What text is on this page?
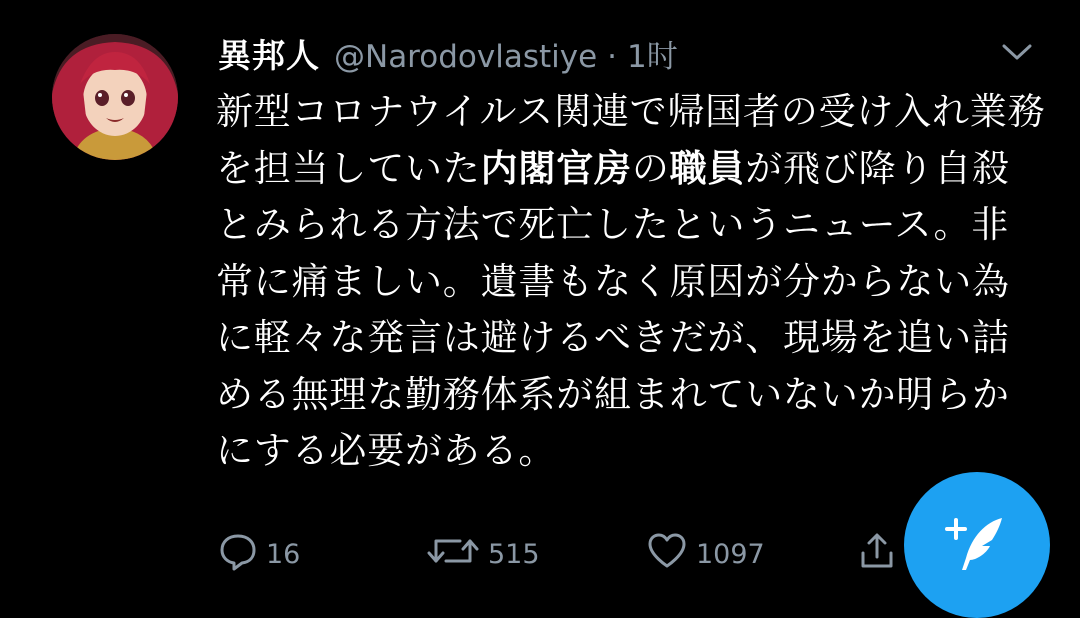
異邦人 @Narodovlastiye · 1时
新型コロナウイルス関連で帰国者の受け入れ業務を担当していた内閣官房の職員が飛び降り自殺とみられる方法で死亡したというニュース。非常に痛ましい。遺書もなく原因が分からない為に軽々な発言は避けるべきだが、現場を追い詰める無理な勤務体系が組まれていないか明らかにする必要がある。
16	515	1097
